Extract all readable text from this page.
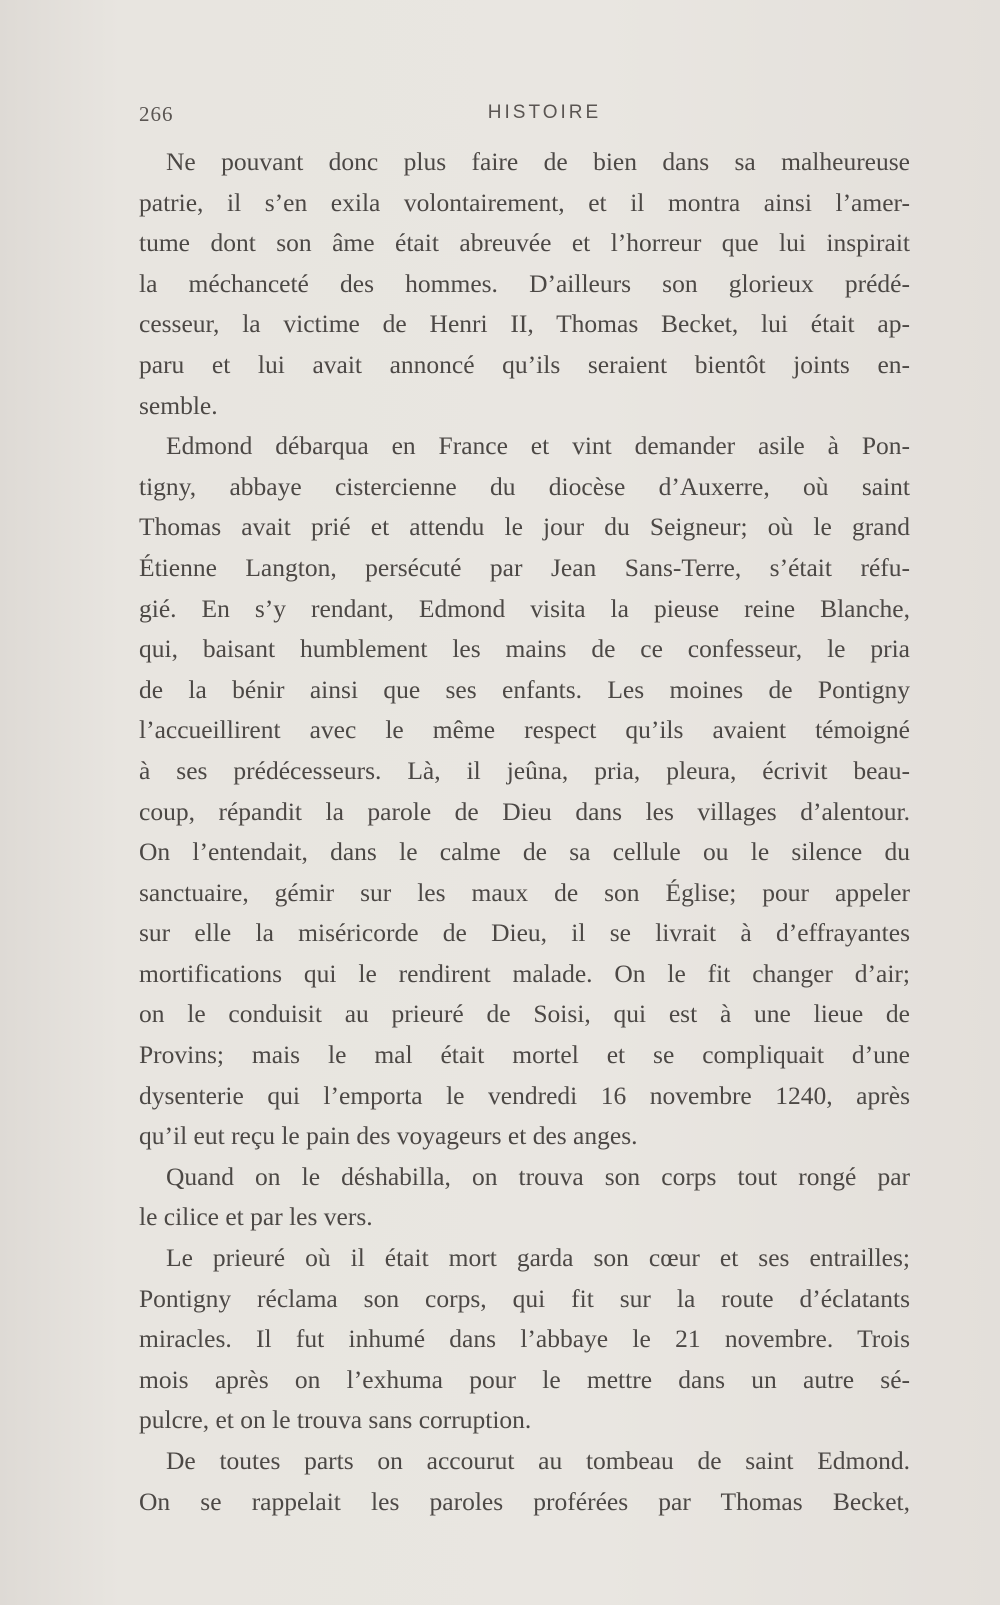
266	HISTOIRE
Ne pouvant donc plus faire de bien dans sa malheureuse
patrie, il s’en exila volontairement, et il montra ainsi l’amer-
tume dont son âme était abreuvée et l’horreur que lui inspirait
la méchanceté des hommes. D’ailleurs son glorieux prédé-
cesseur, la victime de Henri II, Thomas Becket, lui était ap-
paru et lui avait annoncé qu’ils seraient bientôt joints en-
semble.
Edmond débarqua en France et vint demander asile à Pon-
tigny, abbaye cistercienne du diocèse d’Auxerre, où saint
Thomas avait prié et attendu le jour du Seigneur; où le grand
Étienne Langton, persécuté par Jean Sans-Terre, s’était réfu-
gié. En s’y rendant, Edmond visita la pieuse reine Blanche,
qui, baisant humblement les mains de ce confesseur, le pria
de la bénir ainsi que ses enfants. Les moines de Pontigny
l’accueillirent avec le même respect qu’ils avaient témoigné
à ses prédécesseurs. Là, il jeûna, pria, pleura, écrivit beau-
coup, répandit la parole de Dieu dans les villages d’alentour.
On l’entendait, dans le calme de sa cellule ou le silence du
sanctuaire, gémir sur les maux de son Église; pour appeler
sur elle la miséricorde de Dieu, il se livrait à d’effrayantes
mortifications qui le rendirent malade. On le fit changer d’air;
on le conduisit au prieuré de Soisi, qui est à une lieue de
Provins; mais le mal était mortel et se compliquait d’une
dysenterie qui l’emporta le vendredi 16 novembre 1240, après
qu’il eut reçu le pain des voyageurs et des anges.
Quand on le déshabilla, on trouva son corps tout rongé par
le cilice et par les vers.
Le prieuré où il était mort garda son cœur et ses entrailles;
Pontigny réclama son corps, qui fit sur la route d’éclatants
miracles. Il fut inhumé dans l’abbaye le 21 novembre. Trois
mois après on l’exhuma pour le mettre dans un autre sé-
pulcre, et on le trouva sans corruption.
De toutes parts on accourut au tombeau de saint Edmond.
On se rappelait les paroles proférées par Thomas Becket,
